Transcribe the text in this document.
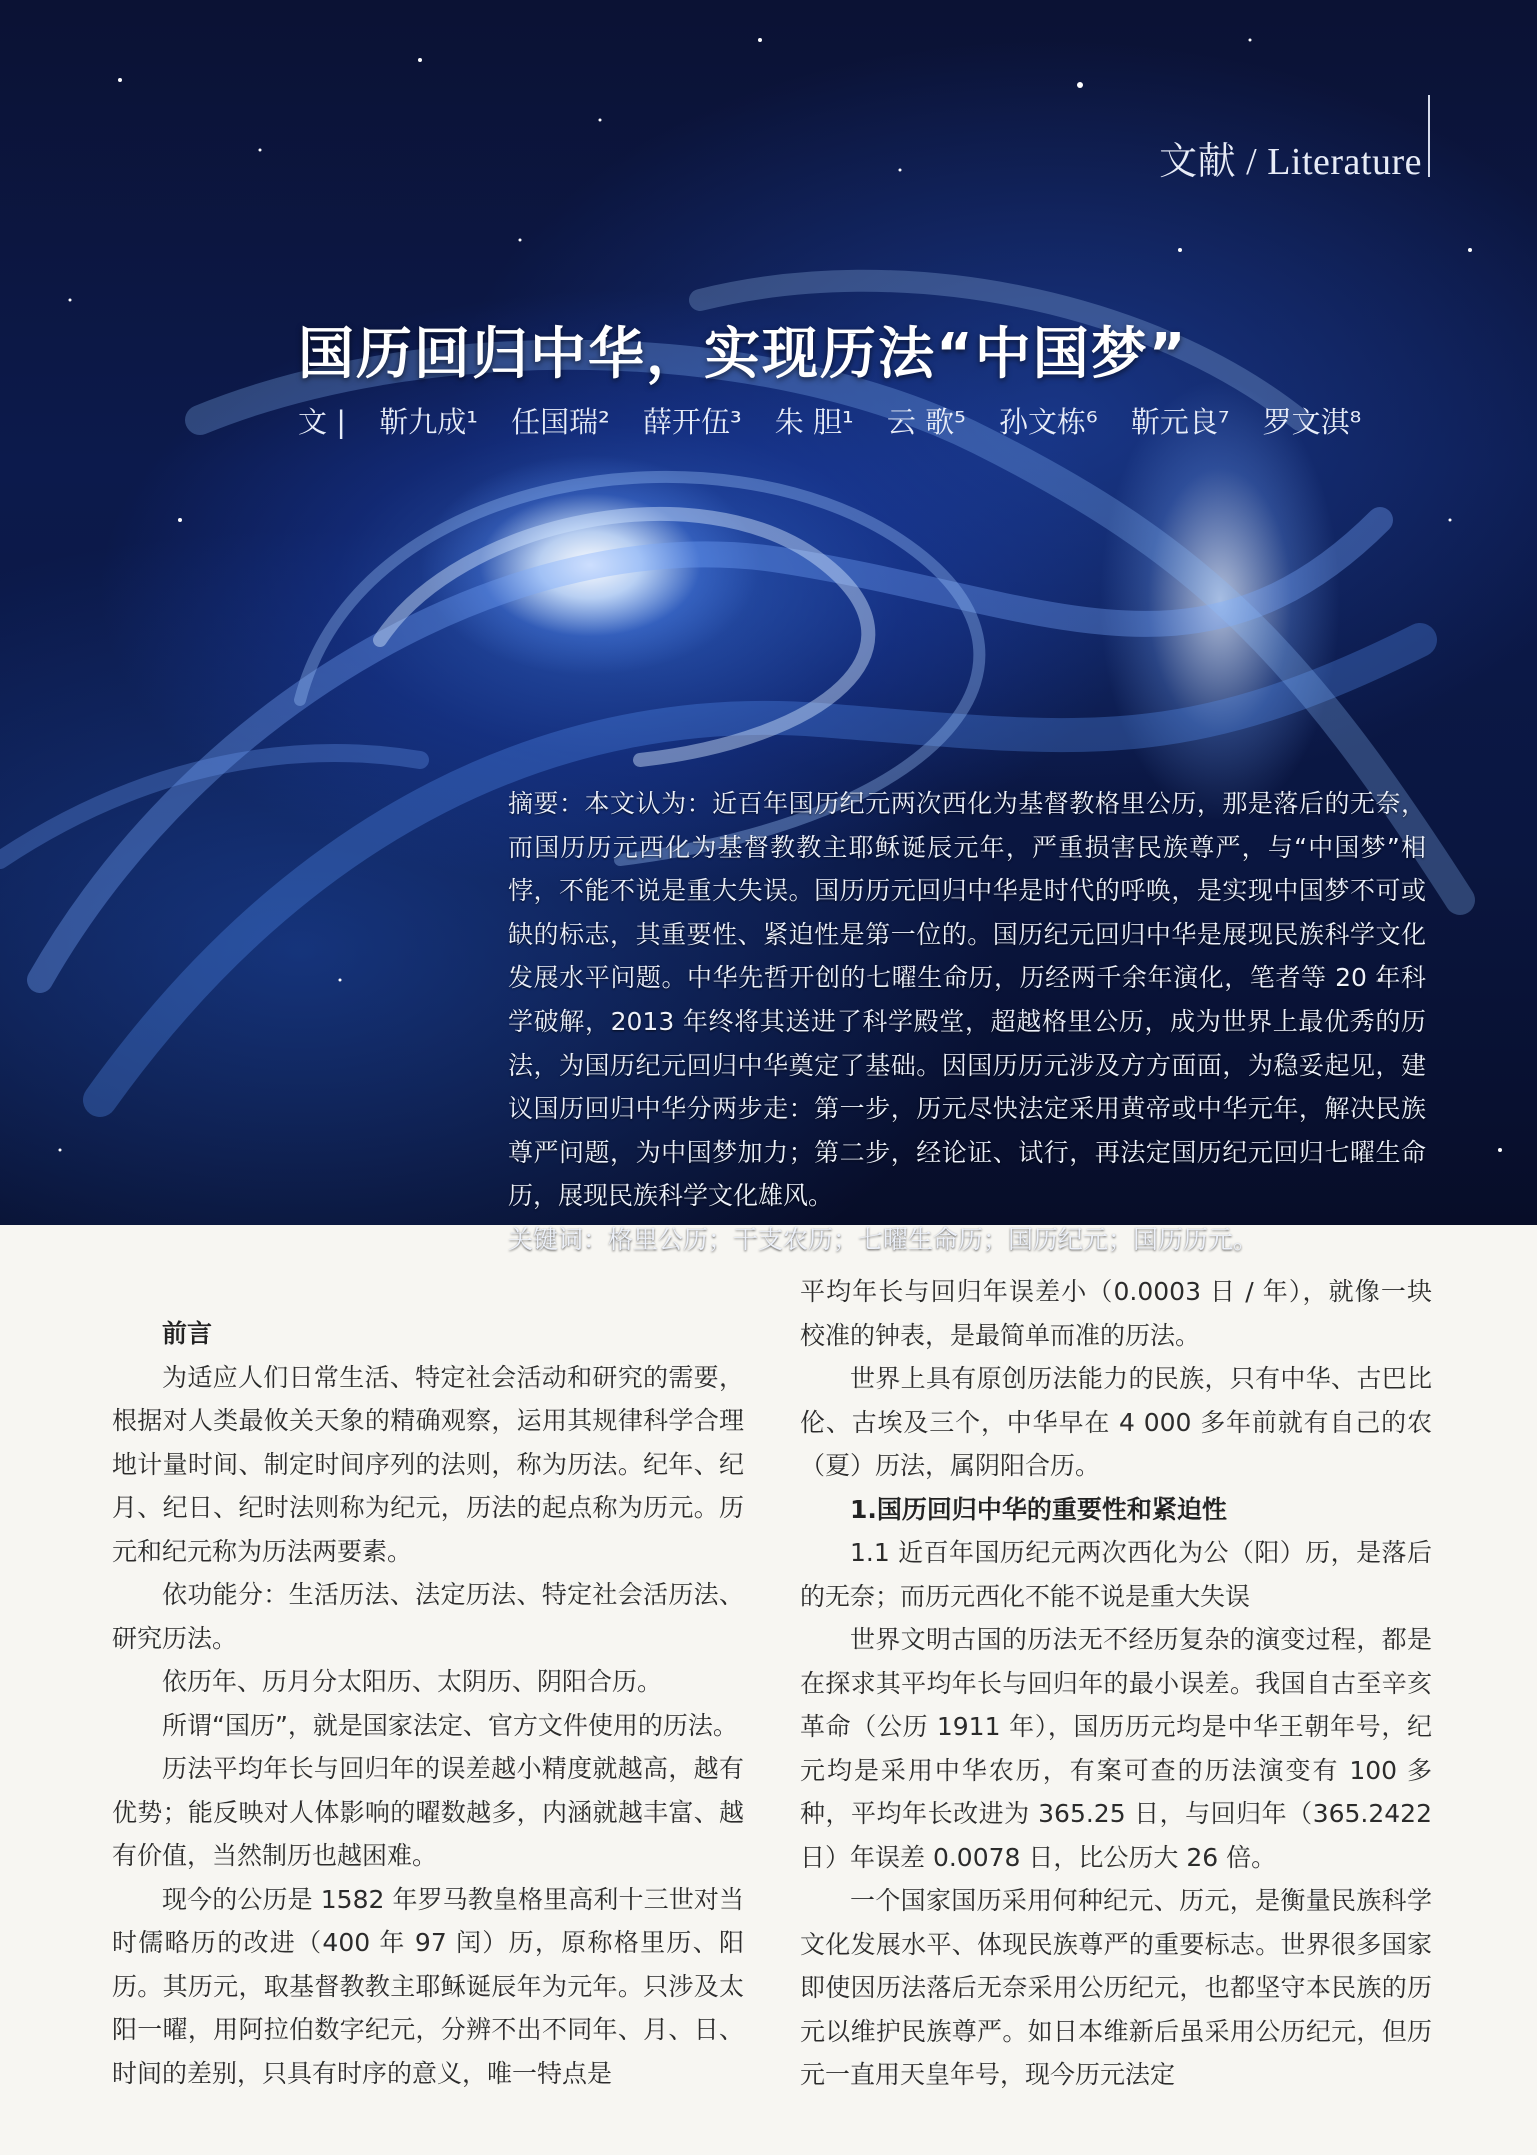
文献 / Literature
国历回归中华，实现历法“中国梦”
文 | 靳九成¹ 任国瑞² 薛开伍³ 朱 胆¹ 云 歌⁵ 孙文栋⁶ 靳元良⁷ 罗文淇⁸
摘要：本文认为：近百年国历纪元两次西化为基督教格里公历，那是落后的无奈，而国历历元西化为基督教教主耶稣诞辰元年，严重损害民族尊严，与“中国梦”相悖，不能不说是重大失误。国历历元回归中华是时代的呼唤，是实现中国梦不可或缺的标志，其重要性、紧迫性是第一位的。国历纪元回归中华是展现民族科学文化发展水平问题。中华先哲开创的七曜生命历，历经两千余年演化，笔者等 20 年科学破解，2013 年终将其送进了科学殿堂，超越格里公历，成为世界上最优秀的历法，为国历纪元回归中华奠定了基础。因国历历元涉及方方面面，为稳妥起见，建议国历回归中华分两步走：第一步，历元尽快法定采用黄帝或中华元年，解决民族尊严问题，为中国梦加力；第二步，经论证、试行，再法定国历纪元回归七曜生命历，展现民族科学文化雄风。
关键词：格里公历；干支农历；七曜生命历；国历纪元；国历历元。
前言

为适应人们日常生活、特定社会活动和研究的需要，根据对人类最攸关天象的精确观察，运用其规律科学合理地计量时间、制定时间序列的法则，称为历法。纪年、纪月、纪日、纪时法则称为纪元，历法的起点称为历元。历元和纪元称为历法两要素。

依功能分：生活历法、法定历法、特定社会活历法、研究历法。

依历年、历月分太阳历、太阴历、阴阳合历。

所谓“国历”，就是国家法定、官方文件使用的历法。

历法平均年长与回归年的误差越小精度就越高，越有优势；能反映对人体影响的曜数越多，内涵就越丰富、越有价值，当然制历也越困难。

现今的公历是 1582 年罗马教皇格里高利十三世对当时儒略历的改进（400 年 97 闰）历，原称格里历、阳历。其历元，取基督教教主耶稣诞辰年为元年。只涉及太阳一曜，用阿拉伯数字纪元，分辨不出不同年、月、日、时间的差别，只具有时序的意义，唯一特点是

平均年长与回归年误差小（0.0003 日 / 年），就像一块校准的钟表，是最简单而准的历法。

世界上具有原创历法能力的民族，只有中华、古巴比伦、古埃及三个，中华早在 4 000 多年前就有自己的农（夏）历法，属阴阳合历。

1.国历回归中华的重要性和紧迫性

1.1 近百年国历纪元两次西化为公（阳）历，是落后的无奈；而历元西化不能不说是重大失误

世界文明古国的历法无不经历复杂的演变过程，都是在探求其平均年长与回归年的最小误差。我国自古至辛亥革命（公历 1911 年），国历历元均是中华王朝年号，纪元均是采用中华农历，有案可查的历法演变有 100 多种，平均年长改进为 365.25 日，与回归年（365.2422 日）年误差 0.0078 日，比公历大 26 倍。

一个国家国历采用何种纪元、历元，是衡量民族科学文化发展水平、体现民族尊严的重要标志。世界很多国家即使因历法落后无奈采用公历纪元，也都坚守本民族的历元以维护民族尊严。如日本维新后虽采用公历纪元，但历元一直用天皇年号，现今历元法定
